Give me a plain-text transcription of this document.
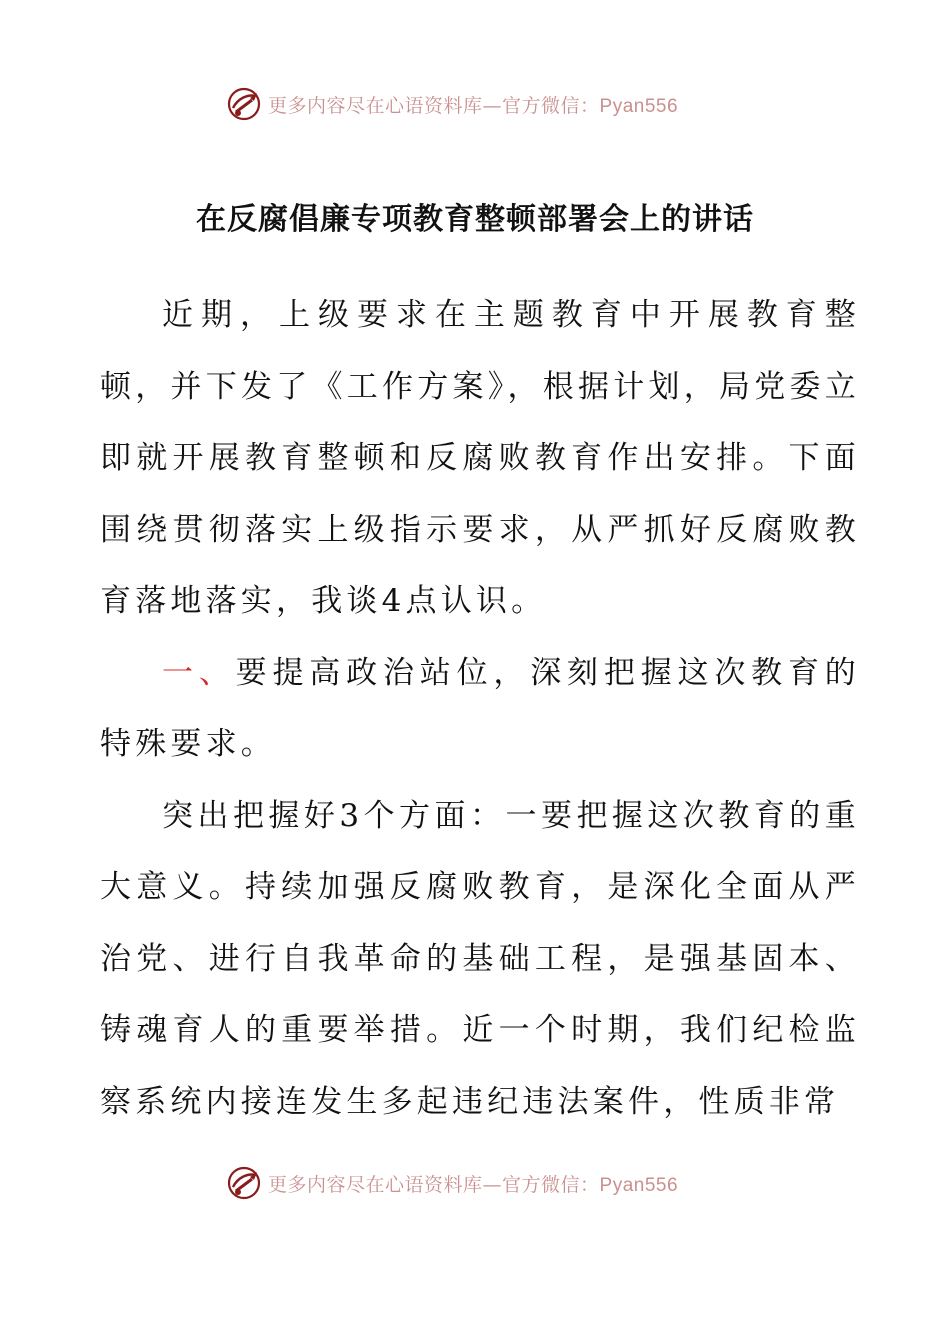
更多内容尽在心语资料库—官方微信：Pyan556
在反腐倡廉专项教育整顿部署会上的讲话

近期，上级要求在主题教育中开展教育整顿，并下发了《工作方案》，根据计划，局党委立即就开展教育整顿和反腐败教育作出安排。下面围绕贯彻落实上级指示要求，从严抓好反腐败教育落地落实，我谈4点认识。

一、要提高政治站位，深刻把握这次教育的特殊要求。

突出把握好3个方面：一要把握这次教育的重大意义。持续加强反腐败教育，是深化全面从严治党、进行自我革命的基础工程，是强基固本、铸魂育人的重要举措。近一个时期，我们纪检监察系统内接连发生多起违纪违法案件，性质非常

更多内容尽在心语资料库—官方微信：Pyan556
